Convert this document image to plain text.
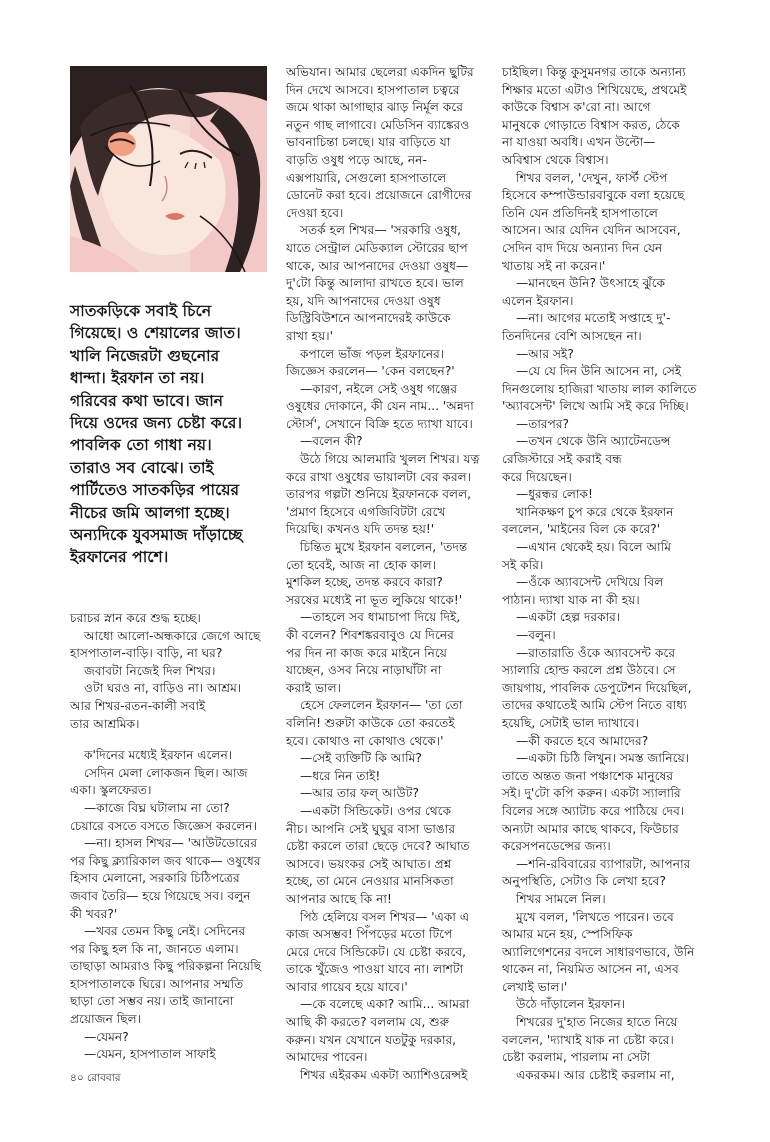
সাতকড়িকে সবাই চিনে

গিয়েছে। ও শেয়ালের জাত।

খালি নিজেরটা গুছনোর

ধান্দা। ইরফান তা নয়।

গরিবের কথা ভাবে। জান

দিয়ে ওদের জন্য চেষ্টা করে।

পাবলিক তো গাধা নয়।

তারাও সব বোঝে। তাই

পার্টিতেও সাতকড়ির পায়ের

নীচের জমি আলগা হচ্ছে।

অন্যদিকে যুবসমাজ দাঁড়াচ্ছে

ইরফানের পাশে।

চরাচর স্নান করে শুদ্ধ হচ্ছে।

আধো আলো-অন্ধকারে জেগে আছে

হাসপাতাল-বাড়ি। বাড়ি, না ঘর?

জবাবটা নিজেই দিল শিখর।

ওটা ঘরও না, বাড়িও না। আশ্রম।

আর শিখর-রতন-কালী সবাই

তার আশ্রমিক।

ক'দিনের মধ্যেই ইরফান এলেন।

সেদিন মেলা লোকজন ছিল। আজ

একা। স্কুলফেরত।

—কাজে বিঘ্ন ঘটালাম না তো?

চেয়ারে বসতে বসতে জিজ্ঞেস করলেন।

—না। হাসল শিখর— 'আউটডোরের

পর কিছু ক্ল্যারিকাল জব থাকে— ওষুধের

হিসাব মেলানো, সরকারি চিঠিপত্রের

জবাব তৈরি— হয়ে গিয়েছে সব। বলুন

কী খবর?'

—খবর তেমন কিছু নেই। সেদিনের

পর কিছু হল কি না, জানতে এলাম।

তাছাড়া আমরাও কিছু পরিকল্পনা নিয়েছি

হাসপাতালকে ঘিরে। আপনার সম্মতি

ছাড়া তো সম্ভব নয়। তাই জানানো

প্রয়োজন ছিল।

—যেমন?

—যেমন, হাসপাতাল সাফাই

অভিযান। আমার ছেলেরা একদিন ছুটির

দিন দেখে আসবে। হাসপাতাল চত্বরে

জমে থাকা আগাছার ঝাড় নির্মূল করে

নতুন গাছ লাগাবে। মেডিসিন ব্যাঙ্কেরও

ভাবনাচিন্তা চলছে। যার বাড়িতে যা

বাড়তি ওষুধ পড়ে আছে, নন-

এক্সপায়ারি, সেগুলো হাসপাতালে

ডোনেট করা হবে। প্রয়োজনে রোগীদের

দেওয়া হবে।

সতর্ক হল শিখর— 'সরকারি ওষুধ,

যাতে সেন্ট্রাল মেডিক্যাল স্টোরের ছাপ

থাকে, আর আপনাদের দেওয়া ওষুধ—

দু'টো কিন্তু আলাদা রাখতে হবে। ভাল

হয়, যদি আপনাদের দেওয়া ওষুধ

ডিস্ট্রিবিউশনে আপনাদেরই কাউকে

রাখা হয়।'

কপালে ভাঁজ পড়ল ইরফানের।

জিজ্ঞেস করলেন— 'কেন বলছেন?'

—কারণ, নইলে সেই ওষুধ গঞ্জের

ওষুধের দোকানে, কী যেন নাম... 'অন্নদা

স্টোর্স', সেখানে বিক্রি হতে দ্যাখা যাবে।

—বলেন কী?

উঠে গিয়ে আলমারি খুলল শিখর। যত্ন

করে রাখা ওষুধের ভায়ালটা বের করল।

তারপর গল্পটা শুনিয়ে ইরফানকে বলল,

'প্রমাণ হিসেবে এগজিবিটটা রেখে

দিয়েছি। কখনও যদি তদন্ত হয়!'

চিন্তিত মুখে ইরফান বললেন, 'তদন্ত

তো হবেই, আজ না হোক কাল।

মুশকিল হচ্ছে, তদন্ত করবে কারা?

সরষের মধ্যেই না ভূত লুকিয়ে থাকে!'

—তাহলে সব ধামাচাপা দিয়ে দিই,

কী বলেন? শিবশঙ্করবাবুও যে দিনের

পর দিন না কাজ করে মাইনে নিয়ে

যাচ্ছেন, ওসব নিয়ে নাড়াঘাঁটা না

করাই ভাল।

হেসে ফেললেন ইরফান— 'তা তো

বলিনি! শুরুটা কাউকে তো করতেই

হবে। কোথাও না কোথাও থেকে।'

—সেই ব্যক্তিটি কি আমি?

—ধরে নিন তাই!

—আর তার ফল্ আউট?

—একটা সিন্ডিকেট। ওপর থেকে

নীচ। আপনি সেই ঘুঘুর বাসা ভাঙার

চেষ্টা করলে তারা ছেড়ে দেবে? আঘাত

আসবে। ভয়ংকর সেই আঘাত। প্রশ্ন

হচ্ছে, তা মেনে নেওয়ার মানসিকতা

আপনার আছে কি না!

পিঠ হেলিয়ে বসল শিখর— 'একা এ

কাজ অসম্ভব! পিঁপড়ের মতো টিপে

মেরে দেবে সিন্ডিকেট। যে চেষ্টা করবে,

তাকে খুঁজেও পাওয়া যাবে না। লাশটা

আবার গায়েব হয়ে যাবে।'

—কে বলেছে একা? আমি... আমরা

আছি কী করতে? বললাম যে, শুরু

করুন। যখন যেখানে যতটুকু দরকার,

আমাদের পাবেন।

শিখর এইরকম একটা অ্যাশিওরেন্সই

চাইছিল। কিন্তু কুসুমনগর তাকে অন্যান্য

শিক্ষার মতো এটাও শিখিয়েছে, প্রথমেই

কাউকে বিশ্বাস ক'রো না। আগে

মানুষকে গোড়াতে বিশ্বাস করত, ঠেকে

না যাওয়া অবধি। এখন উল্টো—

অবিশ্বাস থেকে বিশ্বাস।

শিখর বলল, 'দেখুন, ফার্স্ট স্টেপ

হিসেবে কম্পাউন্ডারবাবুকে বলা হয়েছে

তিনি যেন প্রতিদিনই হাসপাতালে

আসেন। আর যেদিন যেদিন আসবেন,

সেদিন বাদ দিয়ে অন্যান্য দিন যেন

খাতায় সই না করেন।'

—মানছেন উনি? উৎসাহে ঝুঁকে

এলেন ইরফান।

—না। আগের মতোই সপ্তাহে দু'-

তিনদিনের বেশি আসছেন না।

—আর সই?

—যে যে দিন উনি আসেন না, সেই

দিনগুলোয় হাজিরা খাতায় লাল কালিতে

'অ্যাবসেন্ট' লিখে আমি সই করে দিচ্ছি।

—তারপর?

—তখন থেকে উনি অ্যাটেনডেন্স

রেজিস্টারে সই করাই বন্ধ

করে দিয়েছেন।

—ধুরন্ধর লোক!

খানিকক্ষণ চুপ করে থেকে ইরফান

বললেন, 'মাইনের বিল কে করে?'

—এখান থেকেই হয়। বিলে আমি

সই করি।

—ওঁকে অ্যাবসেন্ট দেখিয়ে বিল

পাঠান। দ্যাখা যাক না কী হয়।

—একটা হেল্প দরকার।

—বলুন।

—রাতারাতি ওঁকে অ্যাবসেন্ট করে

স্যালারি হোল্ড করলে প্রশ্ন উঠবে। সে

জায়গায়, পাবলিক ডেপুটেশন দিয়েছিল,

তাদের কথাতেই আমি স্টেপ নিতে বাধ্য

হয়েছি, সেটাই ভাল দ্যাখাবে।

—কী করতে হবে আমাদের?

—একটা চিঠি লিখুন। সমস্ত জানিয়ে।

তাতে অন্তত জনা পঞ্চাশেক মানুষের

সই। দু'টো কপি করুন। একটা স্যালারি

বিলের সঙ্গে অ্যাটাচ করে পাঠিয়ে দেব।

অন্যটা আমার কাছে থাকবে, ফিউচার

করেসপনডেন্সের জন্য।

—শনি-রবিবারের ব্যাপারটা, আপনার

অনুপস্থিতি, সেটাও কি লেখা হবে?

শিখর সামলে নিল।

মুখে বলল, 'লিখতে পারেন। তবে

আমার মনে হয়, স্পেসিফিক

অ্যালিগেশনের বদলে সাধারণভাবে, উনি

থাকেন না, নিয়মিত আসেন না, এসব

লেখাই ভাল।'

উঠে দাঁড়ালেন ইরফান।

শিখরের দু'হাত নিজের হাতে নিয়ে

বললেন, 'দ্যাখাই যাক না চেষ্টা করে।

চেষ্টা করলাম, পারলাম না সেটা

একরকম। আর চেষ্টাই করলাম না,

৪০ রোববার
